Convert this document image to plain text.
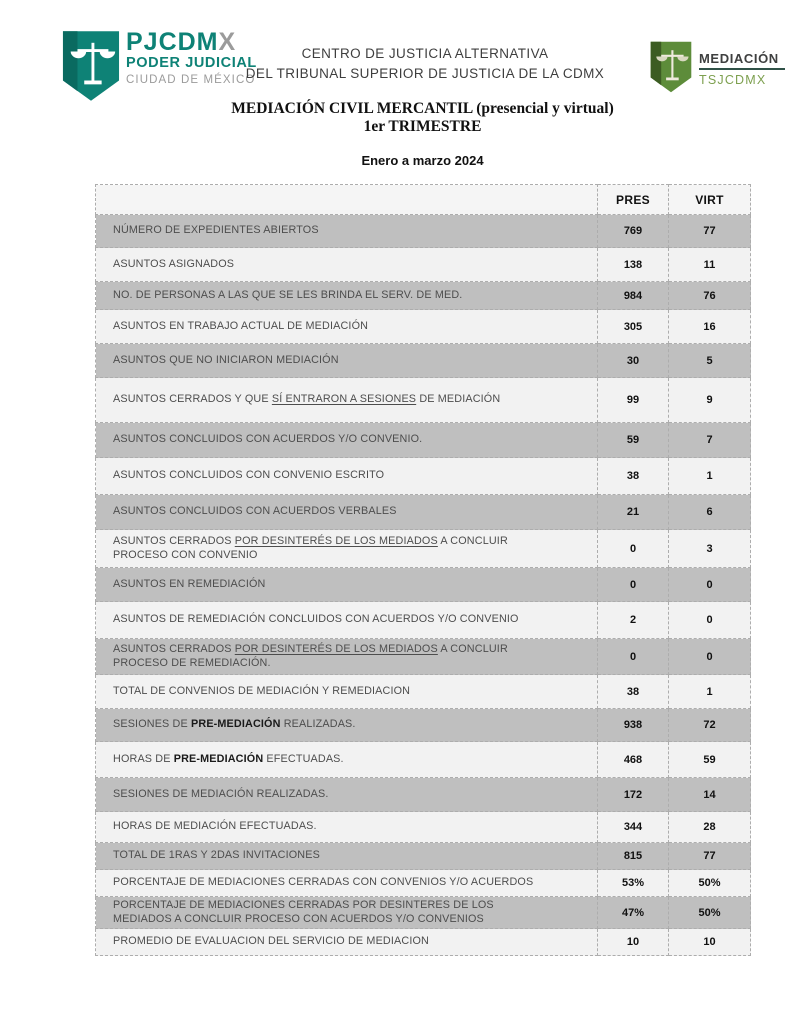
PJCDMX
PODER JUDICIAL
CIUDAD DE MÉXICO
CENTRO DE JUSTICIA ALTERNATIVA
DEL TRIBUNAL SUPERIOR DE JUSTICIA DE LA CDMX
MEDIACIÓN
TSJCDMX
MEDIACIÓN CIVIL MERCANTIL (presencial y virtual)
1er TRIMESTRE
Enero a marzo 2024
	PRES	VIRT
NÚMERO DE EXPEDIENTES ABIERTOS	769	77
ASUNTOS ASIGNADOS	138	11
NO. DE PERSONAS A LAS QUE SE LES BRINDA EL SERV. DE MED.	984	76
ASUNTOS EN TRABAJO ACTUAL DE MEDIACIÓN	305	16
ASUNTOS QUE NO INICIARON MEDIACIÓN	30	5
ASUNTOS CERRADOS Y QUE SÍ ENTRARON A SESIONES DE MEDIACIÓN	99	9
ASUNTOS CONCLUIDOS CON ACUERDOS Y/O CONVENIO.	59	7
ASUNTOS CONCLUIDOS CON CONVENIO ESCRITO	38	1
ASUNTOS CONCLUIDOS CON ACUERDOS VERBALES	21	6
ASUNTOS CERRADOS POR DESINTERÉS DE LOS MEDIADOS A CONCLUIR PROCESO CON CONVENIO	0	3
ASUNTOS EN REMEDIACIÓN	0	0
ASUNTOS DE REMEDIACIÓN CONCLUIDOS CON ACUERDOS Y/O CONVENIO	2	0
ASUNTOS CERRADOS POR DESINTERÉS DE LOS MEDIADOS A CONCLUIR PROCESO DE REMEDIACIÓN.	0	0
TOTAL DE CONVENIOS DE MEDIACIÓN Y REMEDIACION	38	1
SESIONES DE PRE-MEDIACIÓN REALIZADAS.	938	72
HORAS DE PRE-MEDIACIÓN EFECTUADAS.	468	59
SESIONES DE MEDIACIÓN REALIZADAS.	172	14
HORAS DE MEDIACIÓN EFECTUADAS.	344	28
TOTAL DE 1RAS Y 2DAS INVITACIONES	815	77
PORCENTAJE DE MEDIACIONES CERRADAS CON CONVENIOS Y/O ACUERDOS	53%	50%
PORCENTAJE DE MEDIACIONES CERRADAS POR DESINTERES DE LOS MEDIADOS A CONCLUIR PROCESO CON ACUERDOS Y/O CONVENIOS	47%	50%
PROMEDIO DE EVALUACION DEL SERVICIO DE MEDIACION	10	10
